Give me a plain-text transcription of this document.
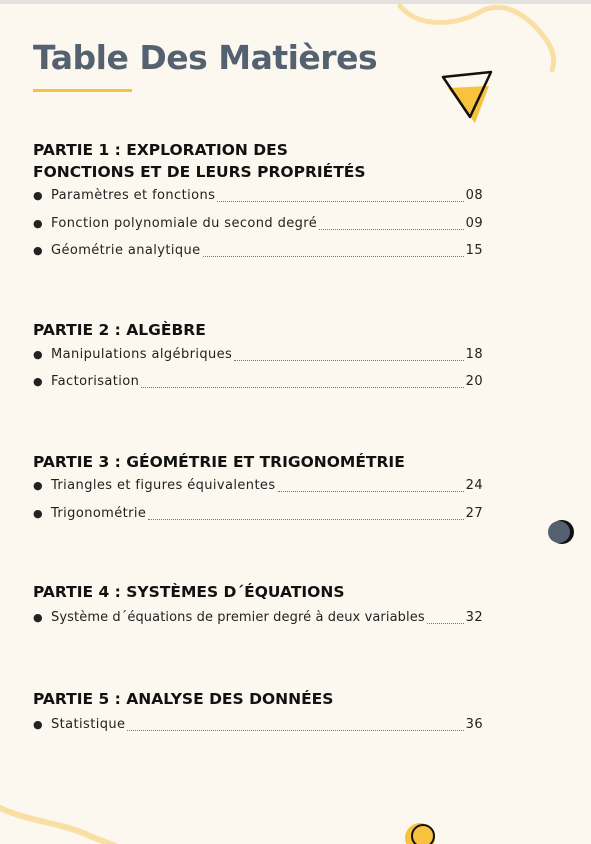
Table Des Matières
PARTIE 1 : EXPLORATION DES
FONCTIONS ET DE LEURS PROPRIÉTÉS
● Paramètres et fonctions	08
● Fonction polynomiale du second degré	09
● Géométrie analytique	15
PARTIE 2 : ALGÈBRE
● Manipulations algébriques	18
● Factorisation	20
PARTIE 3 : GÉOMÉTRIE ET TRIGONOMÉTRIE
● Triangles et figures équivalentes	24
● Trigonométrie	27
PARTIE 4 : SYSTÈMES D´ÉQUATIONS
● Système d´équations de premier degré à deux variables	32
PARTIE 5 : ANALYSE DES DONNÉES
● Statistique	36
